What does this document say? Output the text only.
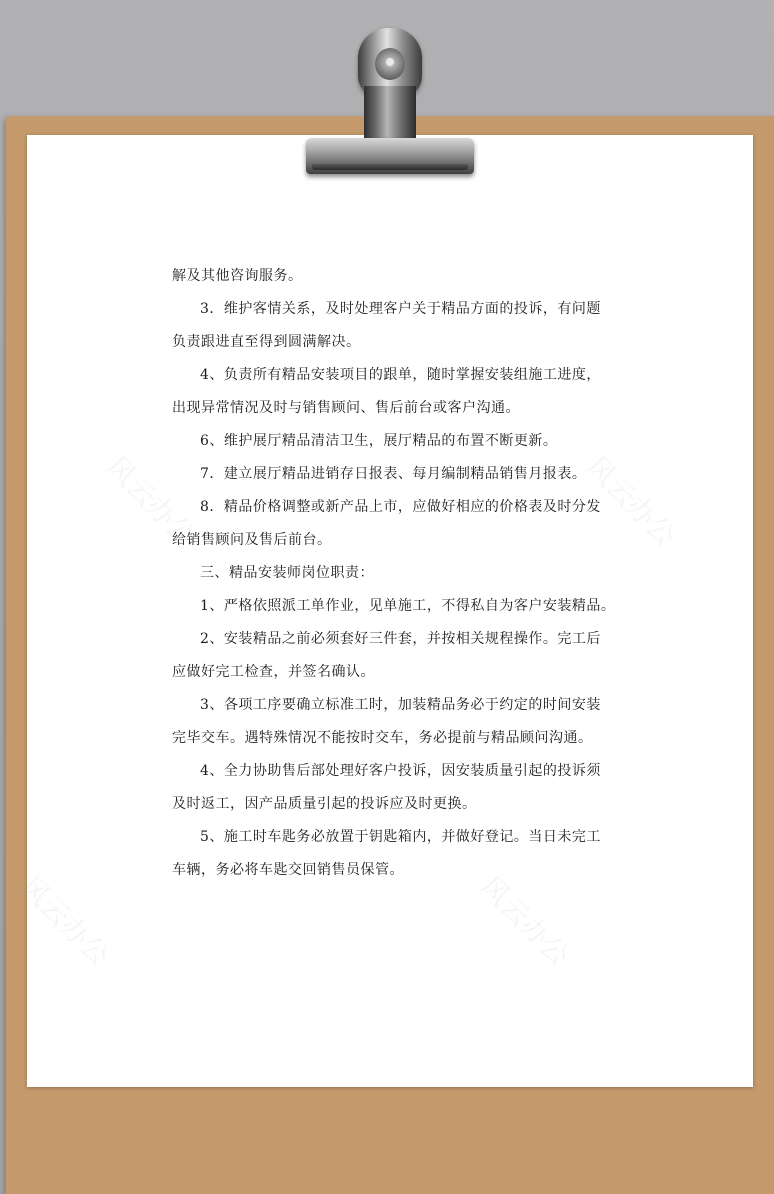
解及其他咨询服务。
3．维护客情关系，及时处理客户关于精品方面的投诉，有问题
负责跟进直至得到圆满解决。
4、负责所有精品安装项目的跟单，随时掌握安装组施工进度，
出现异常情况及时与销售顾问、售后前台或客户沟通。
6、维护展厅精品清洁卫生，展厅精品的布置不断更新。
7．建立展厅精品进销存日报表、每月编制精品销售月报表。
8．精品价格调整或新产品上市，应做好相应的价格表及时分发
给销售顾问及售后前台。
三、精品安装师岗位职责：
1、严格依照派工单作业，见单施工，不得私自为客户安装精品。
2、安装精品之前必须套好三件套，并按相关规程操作。完工后
应做好完工检查，并签名确认。
3、各项工序要确立标准工时，加装精品务必于约定的时间安装
完毕交车。遇特殊情况不能按时交车，务必提前与精品顾问沟通。
4、全力协助售后部处理好客户投诉，因安装质量引起的投诉须
及时返工，因产品质量引起的投诉应及时更换。
5、施工时车匙务必放置于钥匙箱内，并做好登记。当日未完工
车辆，务必将车匙交回销售员保管。
